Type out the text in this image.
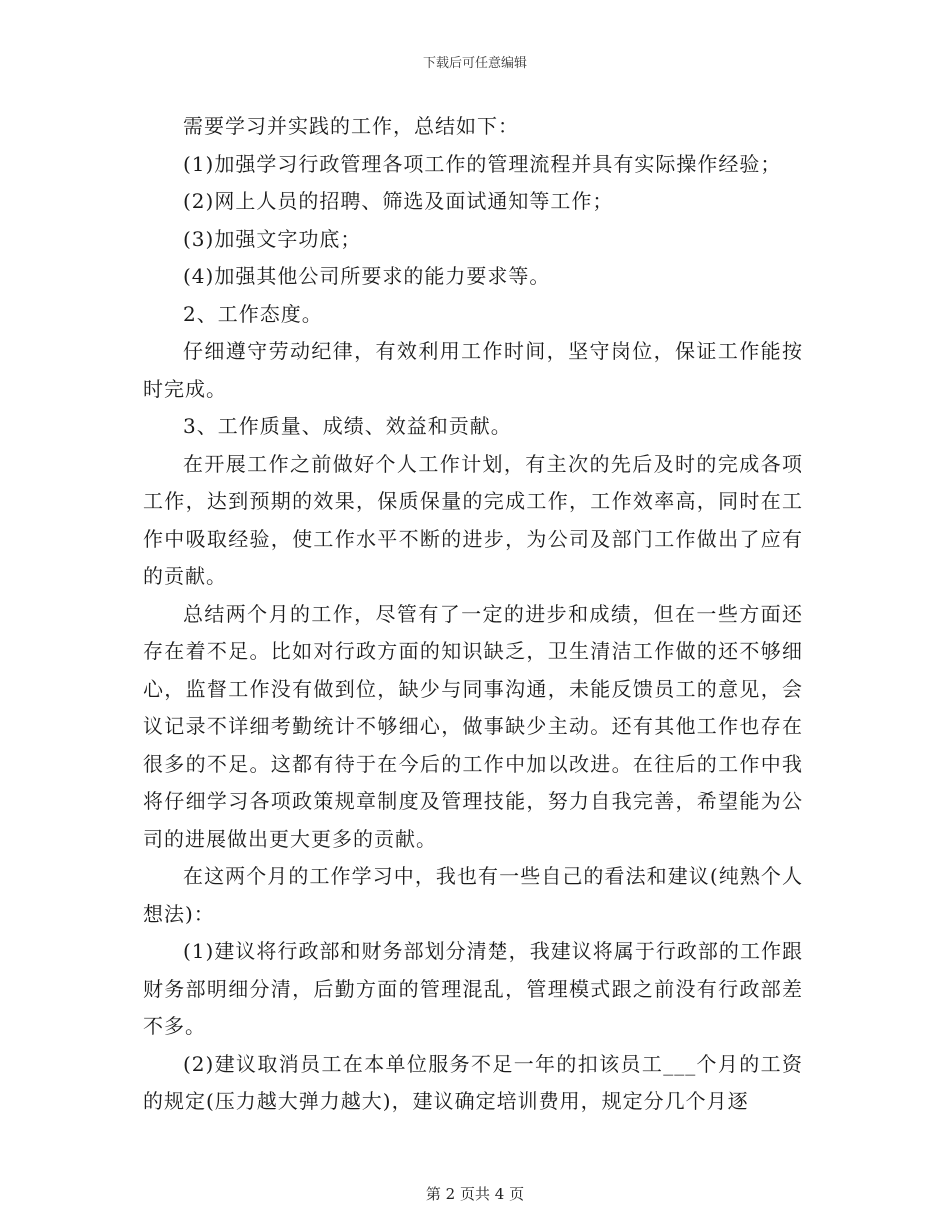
下载后可任意编辑

需要学习并实践的工作，总结如下：

(1)加强学习行政管理各项工作的管理流程并具有实际操作经验；

(2)网上人员的招聘、筛选及面试通知等工作；

(3)加强文字功底；

(4)加强其他公司所要求的能力要求等。

2、工作态度。

仔细遵守劳动纪律，有效利用工作时间，坚守岗位，保证工作能按时完成。

3、工作质量、成绩、效益和贡献。

在开展工作之前做好个人工作计划，有主次的先后及时的完成各项工作，达到预期的效果，保质保量的完成工作，工作效率高，同时在工作中吸取经验，使工作水平不断的进步，为公司及部门工作做出了应有的贡献。

总结两个月的工作，尽管有了一定的进步和成绩，但在一些方面还存在着不足。比如对行政方面的知识缺乏，卫生清洁工作做的还不够细心，监督工作没有做到位，缺少与同事沟通，未能反馈员工的意见，会议记录不详细考勤统计不够细心，做事缺少主动。还有其他工作也存在很多的不足。这都有待于在今后的工作中加以改进。在往后的工作中我将仔细学习各项政策规章制度及管理技能，努力自我完善，希望能为公司的进展做出更大更多的贡献。

在这两个月的工作学习中，我也有一些自己的看法和建议(纯熟个人想法)：

(1)建议将行政部和财务部划分清楚，我建议将属于行政部的工作跟财务部明细分清，后勤方面的管理混乱，管理模式跟之前没有行政部差不多。

(2)建议取消员工在本单位服务不足一年的扣该员工___个月的工资的规定(压力越大弹力越大)，建议确定培训费用，规定分几个月逐

第 2 页共 4 页
